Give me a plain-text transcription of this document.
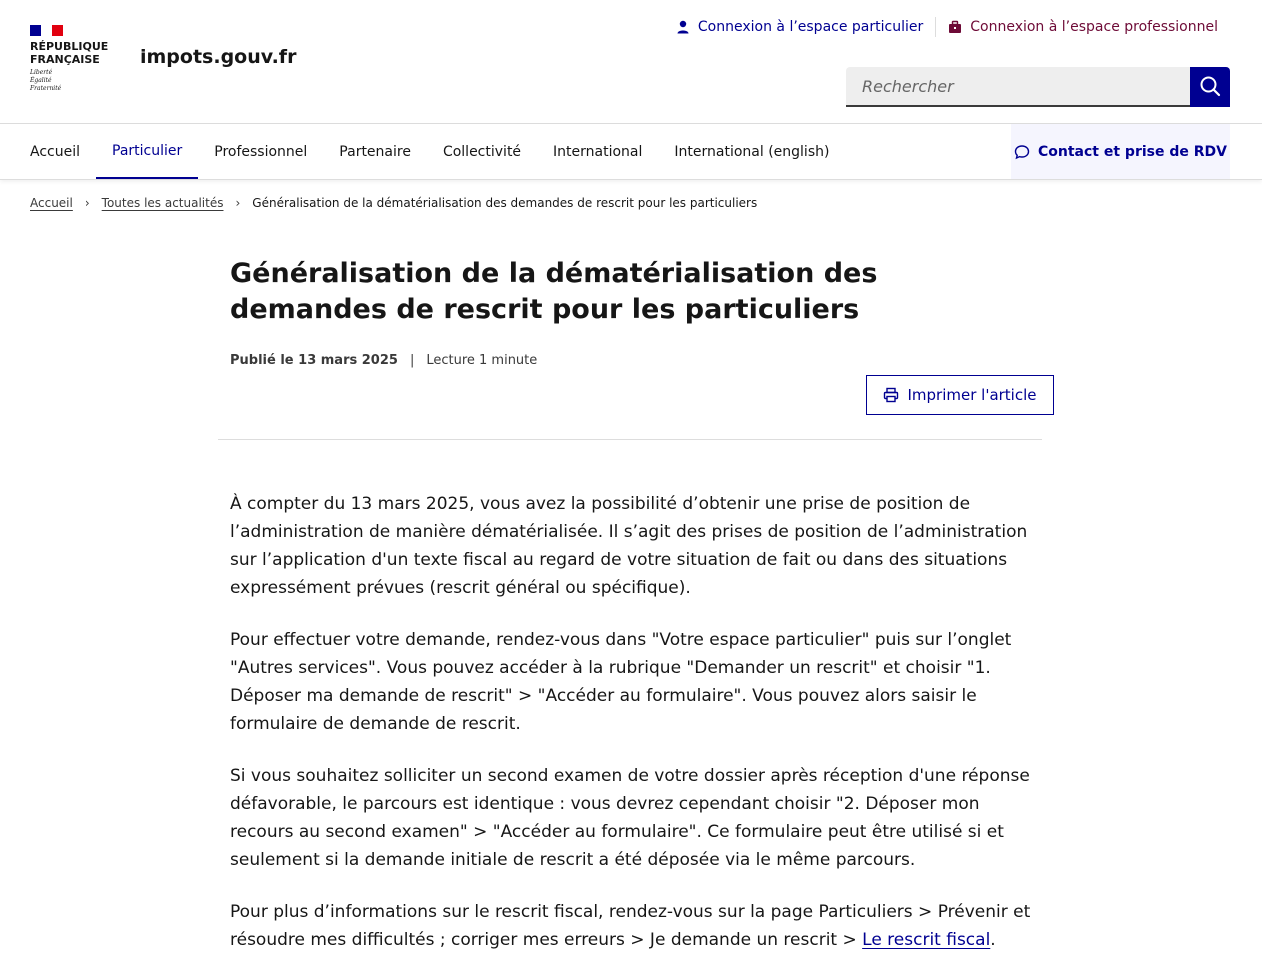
RÉPUBLIQUE
FRANÇAISE
Liberté
Égalité
Fraternité
impots.gouv.fr
Connexion à l’espace particulier	Connexion à l’espace professionnel
Rechercher
Accueil	Particulier	Professionnel	Partenaire	Collectivité	International	International (english)	Contact et prise de RDV
Accueil › Toutes les actualités › Généralisation de la dématérialisation des demandes de rescrit pour les particuliers
Généralisation de la dématérialisation des demandes de rescrit pour les particuliers
Publié le 13 mars 2025 | Lecture 1 minute
Imprimer l'article

À compter du 13 mars 2025, vous avez la possibilité d’obtenir une prise de position de l’administration de manière dématérialisée. Il s’agit des prises de position de l’administration sur l’application d'un texte fiscal au regard de votre situation de fait ou dans des situations expressément prévues (rescrit général ou spécifique).

Pour effectuer votre demande, rendez-vous dans "Votre espace particulier" puis sur l’onglet "Autres services". Vous pouvez accéder à la rubrique "Demander un rescrit" et choisir "1. Déposer ma demande de rescrit" > "Accéder au formulaire". Vous pouvez alors saisir le formulaire de demande de rescrit.

Si vous souhaitez solliciter un second examen de votre dossier après réception d'une réponse défavorable, le parcours est identique : vous devrez cependant choisir "2. Déposer mon recours au second examen" > "Accéder au formulaire". Ce formulaire peut être utilisé si et seulement si la demande initiale de rescrit a été déposée via le même parcours.

Pour plus d’informations sur le rescrit fiscal, rendez-vous sur la page Particuliers > Prévenir et résoudre mes difficultés ; corriger mes erreurs > Je demande un rescrit > Le rescrit fiscal.
